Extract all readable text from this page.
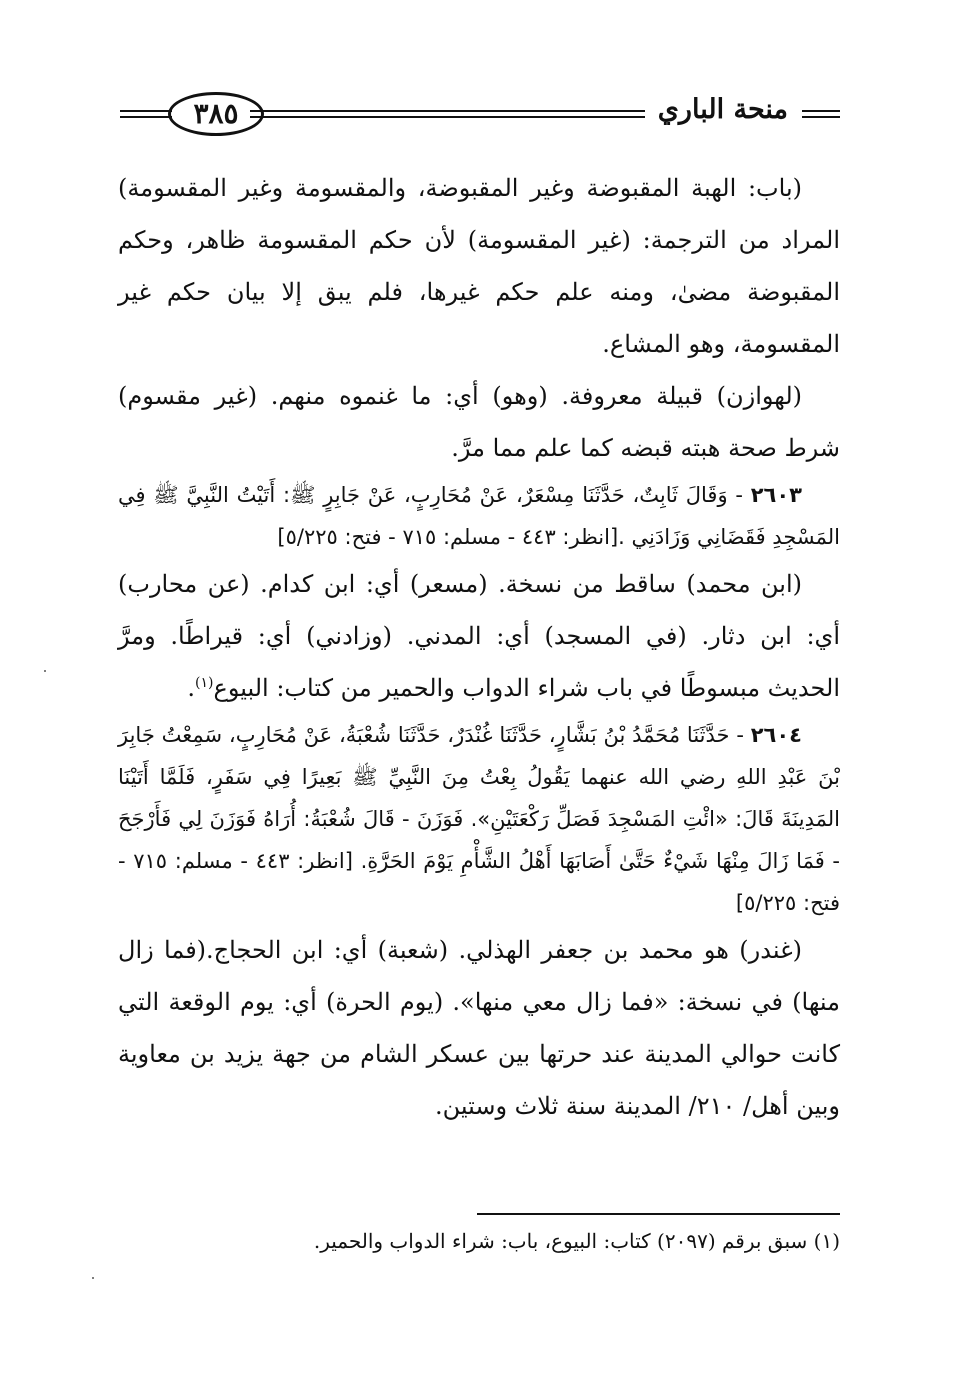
٣٨٥	منحة الباري

(باب: الهبة المقبوضة وغير المقبوضة، والمقسومة وغير المقسومة) المراد من الترجمة: (غير المقسومة) لأن حكم المقسومة ظاهر، وحكم المقبوضة مضىٰ، ومنه علم حكم غيرها، فلم يبق إلا بيان حكم غير المقسومة، وهو المشاع.

(لهوازن) قبيلة معروفة. (وهو) أي: ما غنموه منهم. (غير مقسوم) شرط صحة هبته قبضه كما علم مما مرَّ.

٢٦٠٣ - وَقَالَ ثَابِتٌ، حَدَّثَنَا مِسْعَرٌ، عَنْ مُحَارِبٍ، عَنْ جَابِرٍ ﷺ: أَتَيْتُ النَّبِيَّ ﷺ فِي المَسْجِدِ فَقَضَانِي وَزَادَنِي .[انظر: ٤٤٣ - مسلم: ٧١٥ - فتح: ٥/٢٢٥]

(ابن محمد) ساقط من نسخة. (مسعر) أي: ابن كدام. (عن محارب) أي: ابن دثار. (في المسجد) أي: المدني. (وزادني) أي: قيراطًا. ومرَّ الحديث مبسوطًا في باب شراء الدواب والحمير من كتاب: البيوع$^{(١)}$.

٢٦٠٤ - حَدَّثَنَا مُحَمَّدُ بْنُ بَشَّارٍ، حَدَّثَنَا غُنْدَرٌ، حَدَّثَنَا شُعْبَةُ، عَنْ مُحَارِبٍ، سَمِعْتُ جَابِرَ بْنَ عَبْدِ اللهِ رضي الله عنهما يَقُولُ بِعْتُ مِنَ النَّبِيِّ ﷺ بَعِيرًا فِي سَفَرٍ، فَلَمَّا أَتَيْنَا المَدِينَةَ قَالَ: «ائْتِ المَسْجِدَ فَصَلِّ رَكْعَتَيْنِ». فَوَزَنَ - قَالَ شُعْبَةُ: أُرَاهُ فَوَزَنَ لِي فَأَرْجَحَ - فَمَا زَالَ مِنْهَا شَيْءٌ حَتَّىٰ أَصَابَهَا أَهْلُ الشَّأْمِ يَوْمَ الحَرَّةِ. [انظر: ٤٤٣ - مسلم: ٧١٥ - فتح: ٥/٢٢٥]

(غندر) هو محمد بن جعفر الهذلي. (شعبة) أي: ابن الحجاج.(فما زال منها) في نسخة: «فما زال معي منها». (يوم الحرة) أي: يوم الوقعة التي كانت حوالي المدينة عند حرتها بين عسكر الشام من جهة يزيد بن معاوية وبين أهل/ ٢١٠/ المدينة سنة ثلاث وستين.

(١) سبق برقم (٢٠٩٧) كتاب: البيوع، باب: شراء الدواب والحمير.
